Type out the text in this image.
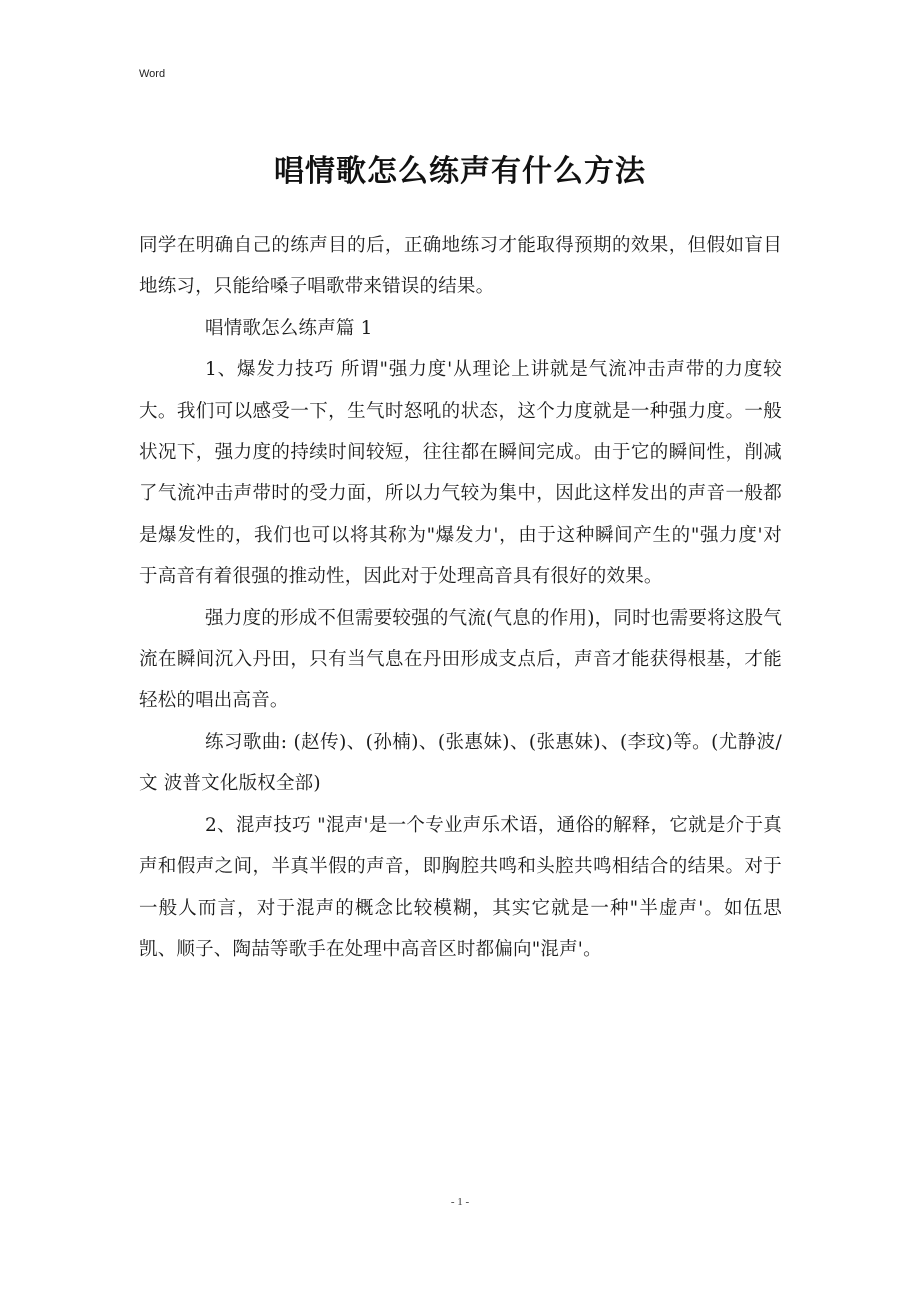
Word
唱情歌怎么练声有什么方法

同学在明确自己的练声目的后，正确地练习才能取得预期的效果，但假如盲目地练习，只能给嗓子唱歌带来错误的结果。

唱情歌怎么练声篇 1

1、爆发力技巧 所谓"强力度'从理论上讲就是气流冲击声带的力度较大。我们可以感受一下，生气时怒吼的状态，这个力度就是一种强力度。一般状况下，强力度的持续时间较短，往往都在瞬间完成。由于它的瞬间性，削减了气流冲击声带时的受力面，所以力气较为集中，因此这样发出的声音一般都是爆发性的，我们也可以将其称为"爆发力'，由于这种瞬间产生的"强力度'对于高音有着很强的推动性，因此对于处理高音具有很好的效果。

强力度的形成不但需要较强的气流(气息的作用)，同时也需要将这股气流在瞬间沉入丹田，只有当气息在丹田形成支点后，声音才能获得根基，才能轻松的唱出高音。

练习歌曲: (赵传)、(孙楠)、(张惠妹)、(张惠妹)、(李玟)等。(尤静波/文 波普文化版权全部)

2、混声技巧 "混声'是一个专业声乐术语，通俗的解释，它就是介于真声和假声之间，半真半假的声音，即胸腔共鸣和头腔共鸣相结合的结果。对于一般人而言，对于混声的概念比较模糊，其实它就是一种"半虚声'。如伍思凯、顺子、陶喆等歌手在处理中高音区时都偏向"混声'。

- 1 -
